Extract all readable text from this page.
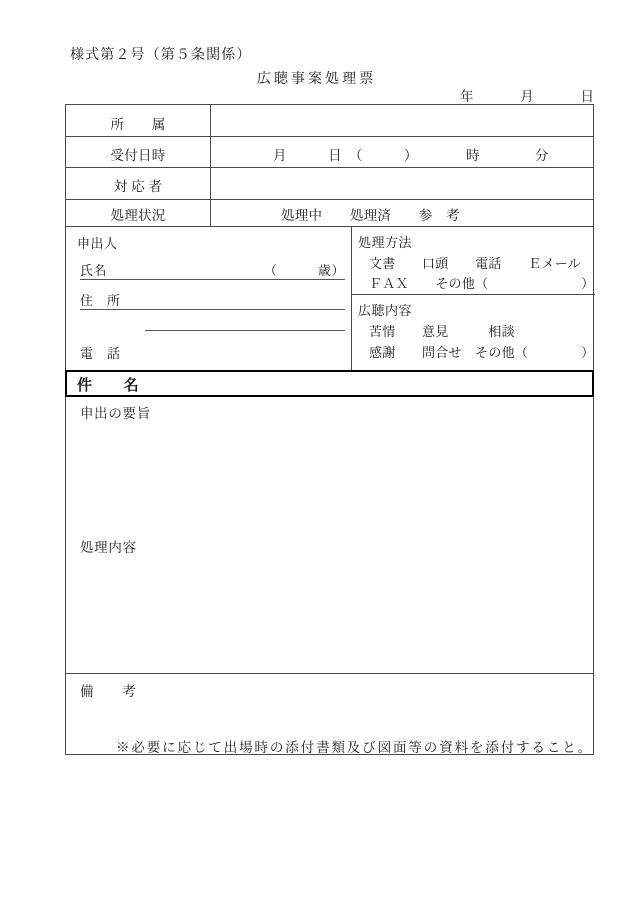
様式第２号（第５条関係）
広聴事案処理票
年	月	日
所　　属
受付日時	月　　　日　（　　　）　　　　時　　　　分
対 応 者
処理状況	処理中　　処理済　　参　考
申出人
氏名	（　　　歳）
住　所
電　話
処理方法
文書　　口頭　　電話　　Ｅメール
ＦＡＸ　　その他（　　　　　　　）
広聴内容
苦情　　意見　　　相談
感謝　　問合せ　その他（　　　　）
件　　名
申出の要旨
処理内容
備　　考
※必要に応じて出場時の添付書類及び図面等の資料を添付すること。
